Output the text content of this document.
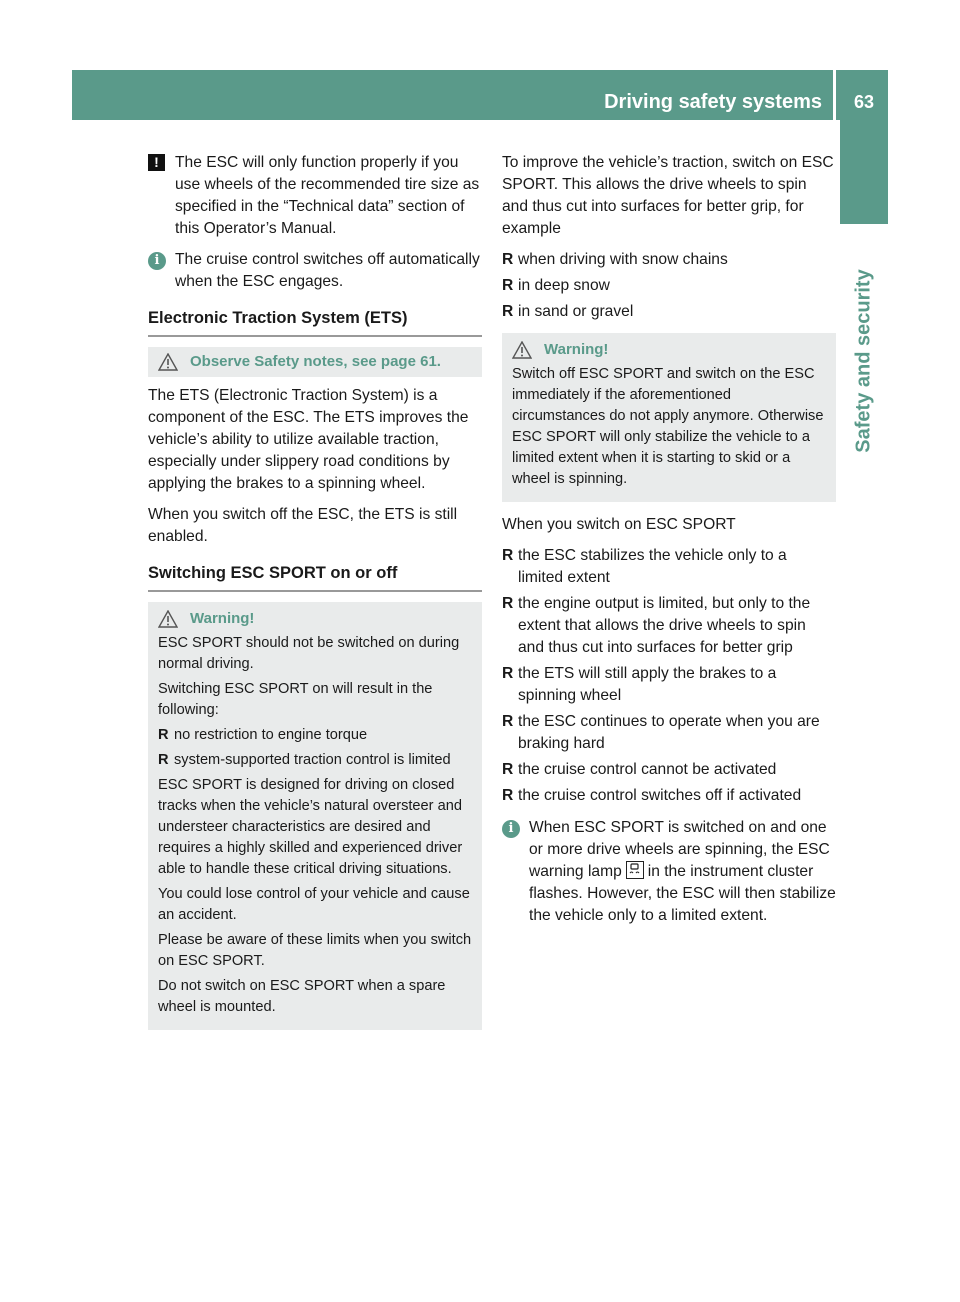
Driving safety systems 63
Safety and security
!	The ESC will only function properly if you use wheels of the recommended tire size as specified in the “Technical data” section of this Operator’s Manual.
i The cruise control switches off automatically when the ESC engages.
Electronic Traction System (ETS)
Observe Safety notes, see page 61.

The ETS (Electronic Traction System) is a component of the ESC. The ETS improves the vehicle’s ability to utilize available traction, especially under slippery road conditions by applying the brakes to a spinning wheel.

When you switch off the ESC, the ETS is still enabled.

Switching ESC SPORT on or off
Warning!

ESC SPORT should not be switched on during normal driving.

Switching ESC SPORT on will result in the following:

R no restriction to engine torque
R system-supported traction control is limited

ESC SPORT is designed for driving on closed tracks when the vehicle’s natural oversteer and understeer characteristics are desired and requires a highly skilled and experienced driver able to handle these critical driving situations.

You could lose control of your vehicle and cause an accident.

Please be aware of these limits when you switch on ESC SPORT.

Do not switch on ESC SPORT when a spare wheel is mounted.

To improve the vehicle’s traction, switch on ESC SPORT. This allows the drive wheels to spin and thus cut into surfaces for better grip, for example

R when driving with snow chains
R in deep snow
R in sand or gravel
Warning!

Switch off ESC SPORT and switch on the ESC immediately if the aforementioned circumstances do not apply anymore. Otherwise ESC SPORT will only stabilize the vehicle to a limited extent when it is starting to skid or a wheel is spinning.

When you switch on ESC SPORT

R the ESC stabilizes the vehicle only to a limited extent
R the engine output is limited, but only to the extent that allows the drive wheels to spin and thus cut into surfaces for better grip
R the ETS will still apply the brakes to a spinning wheel
R the ESC continues to operate when you are braking hard
R the cruise control cannot be activated
R the cruise control switches off if activated
i When ESC SPORT is switched on and one or more drive wheels are spinning, the ESC warning lamp in the instrument cluster flashes. However, the ESC will then stabilize the vehicle only to a limited extent.
